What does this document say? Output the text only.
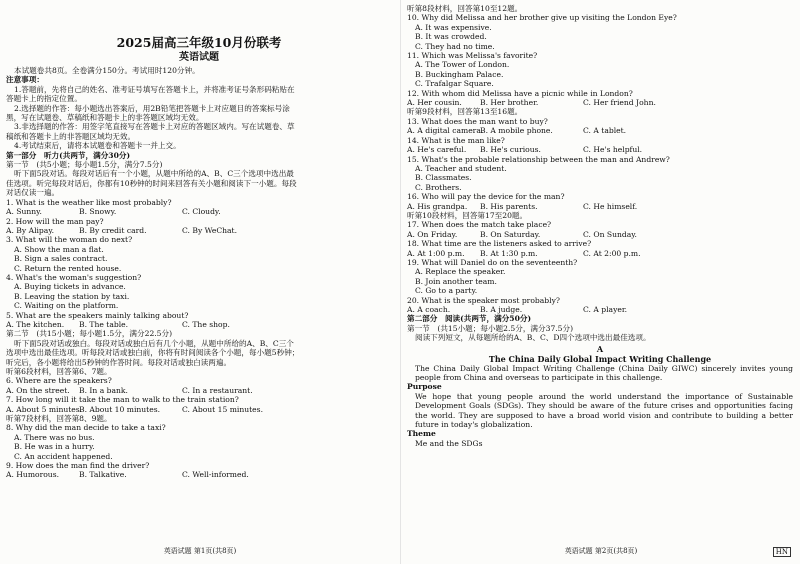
2025届高三年级10月份联考
英语试题
本试题卷共8页。全卷满分150分。考试用时120分钟。
注意事项：
1.答题前，先将自己的姓名、准考证号填写在答题卡上，并将准考证号条形码粘贴在
答题卡上的指定位置。
2.选择题的作答：每小题选出答案后，用2B铅笔把答题卡上对应题目的答案标号涂
黑，写在试题卷、草稿纸和答题卡上的非答题区域均无效。
3.非选择题的作答：用签字笔直接写在答题卡上对应的答题区域内。写在试题卷、草
稿纸和答题卡上的非答题区域均无效。
4.考试结束后，请将本试题卷和答题卡一并上交。
第一部分　听力(共两节，满分30分)
第一节　(共5小题；每小题1.5分，满分7.5分)
听下面5段对话。每段对话后有一个小题，从题中所给的A、B、C三个选项中选出最
佳选项。听完每段对话后，你都有10秒钟的时间来回答有关小题和阅读下一小题。每段
对话仅读一遍。
1. What is the weather like most probably?
A. Sunny.	B. Snowy.	C. Cloudy.
2. How will the man pay?
A. By Alipay.	B. By credit card.	C. By WeChat.
3. What will the woman do next?
A. Show the man a flat.
B. Sign a sales contract.
C. Return the rented house.
4. What's the woman's suggestion?
A. Buying tickets in advance.
B. Leaving the station by taxi.
C. Waiting on the platform.
5. What are the speakers mainly talking about?
A. The kitchen.	B. The table.	C. The shop.
第二节　(共15小题；每小题1.5分，满分22.5分)
听下面5段对话或独白。每段对话或独白后有几个小题，从题中所给的A、B、C三个
选项中选出最佳选项。听每段对话或独白前，你将有时间阅读各个小题，每小题5秒钟；
听完后，各小题将给出5秒钟的作答时间。每段对话或独白读两遍。
听第6段材料，回答第6、7题。
6. Where are the speakers?
A. On the street.	B. In a bank.	C. In a restaurant.
7. How long will it take the man to walk to the train station?
A. About 5 minutes.
B. About 10 minutes.	C. About 15 minutes.
听第7段材料，回答第8、9题。
8. Why did the man decide to take a taxi?
A. There was no bus.
B. He was in a hurry.
C. An accident happened.
9. How does the man find the driver?
A. Humorous.	B. Talkative.	C. Well-informed.
英语试题 第1页(共8页)
听第8段材料，回答第10至12题。
10. Why did Melissa and her brother give up visiting the London Eye?
A. It was expensive.
B. It was crowded.
C. They had no time.
11. Which was Melissa's favorite?
A. The Tower of London.
B. Buckingham Palace.
C. Trafalgar Square.
12. With whom did Melissa have a picnic while in London?
A. Her cousin.	B. Her brother.	C. Her friend John.
听第9段材料，回答第13至16题。
13. What does the man want to buy?
A. A digital camera.
B. A mobile phone.	C. A tablet.
14. What is the man like?
A. He's careful.	B. He's curious.	C. He's helpful.
15. What's the probable relationship between the man and Andrew?
A. Teacher and student.
B. Classmates.
C. Brothers.
16. Who will pay the device for the man?
A. His grandpa.	B. His parents.	C. He himself.
听第10段材料，回答第17至20题。
17. When does the match take place?
A. On Friday.	B. On Saturday.	C. On Sunday.
18. What time are the listeners asked to arrive?
A. At 1:00 p.m.	B. At 1:30 p.m.	C. At 2:00 p.m.
19. What will Daniel do on the seventeenth?
A. Replace the speaker.
B. Join another team.
C. Go to a party.
20. What is the speaker most probably?
A. A coach.	B. A judge.	C. A player.
第二部分　阅读(共两节，满分50分)
第一节　(共15小题；每小题2.5分，满分37.5分)
阅读下列短文，从每题所给的A、B、C、D四个选项中选出最佳选项。
A
The China Daily Global Impact Writing Challenge
The China Daily Global Impact Writing Challenge (China Daily GIWC) sincerely invites young people from China and overseas to participate in this challenge.
Purpose
We hope that young people around the world understand the importance of Sustainable Development Goals (SDGs). They should be aware of the future crises and opportunities facing the world. They are supposed to have a broad world vision and contribute to building a better future in today's globalization.
Theme
Me and the SDGs
英语试题 第2页(共8页)	HN
